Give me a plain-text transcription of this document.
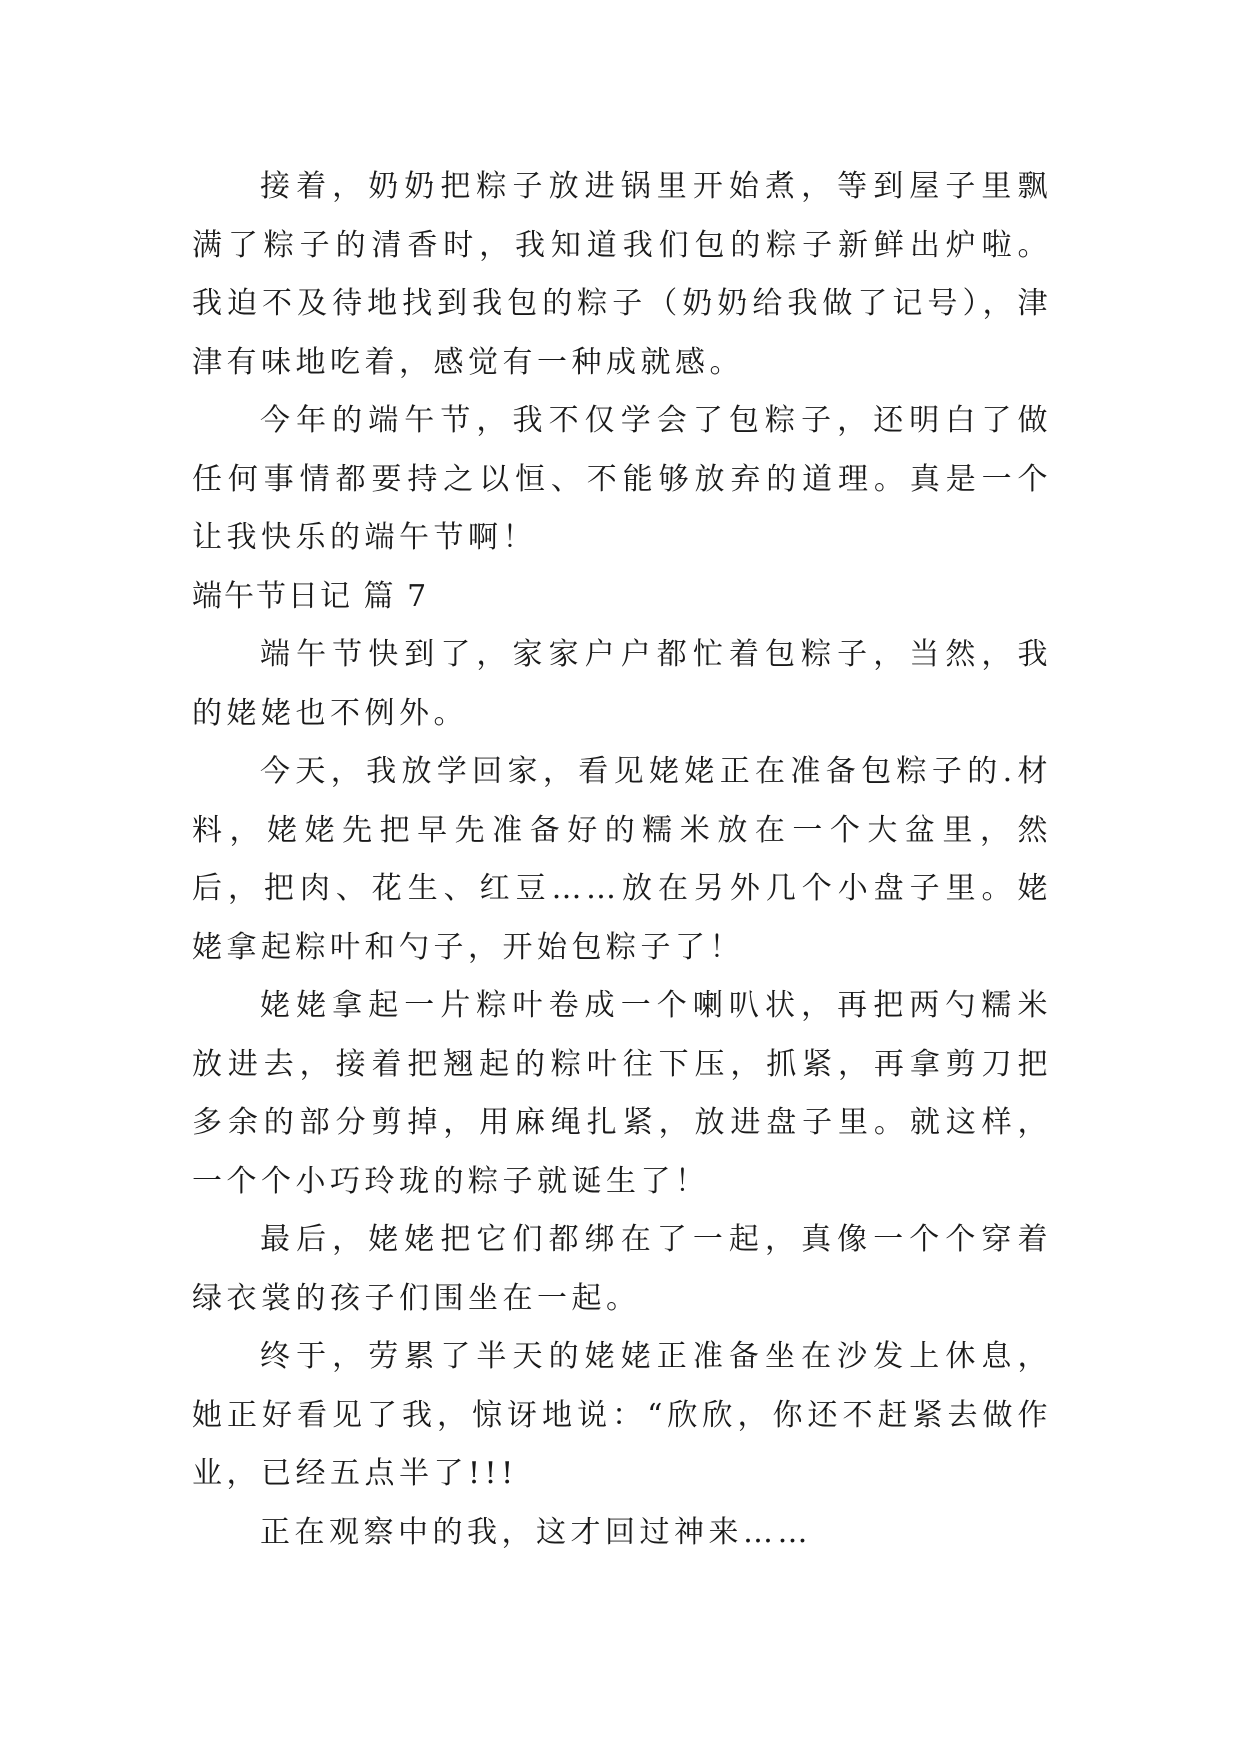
接着，奶奶把粽子放进锅里开始煮，等到屋子里飘满了粽子的清香时，我知道我们包的粽子新鲜出炉啦。我迫不及待地找到我包的粽子（奶奶给我做了记号），津津有味地吃着，感觉有一种成就感。

今年的端午节，我不仅学会了包粽子，还明白了做任何事情都要持之以恒、不能够放弃的道理。真是一个让我快乐的端午节啊！

端午节日记 篇 7

端午节快到了，家家户户都忙着包粽子，当然，我的姥姥也不例外。

今天，我放学回家，看见姥姥正在准备包粽子的.材料，姥姥先把早先准备好的糯米放在一个大盆里，然后，把肉、花生、红豆……放在另外几个小盘子里。姥姥拿起粽叶和勺子，开始包粽子了！

姥姥拿起一片粽叶卷成一个喇叭状，再把两勺糯米放进去，接着把翘起的粽叶往下压，抓紧，再拿剪刀把多余的部分剪掉，用麻绳扎紧，放进盘子里。就这样，一个个小巧玲珑的粽子就诞生了！

最后，姥姥把它们都绑在了一起，真像一个个穿着绿衣裳的孩子们围坐在一起。

终于，劳累了半天的姥姥正准备坐在沙发上休息，她正好看见了我，惊讶地说：“欣欣，你还不赶紧去做作业，已经五点半了!!!

正在观察中的我，这才回过神来……
